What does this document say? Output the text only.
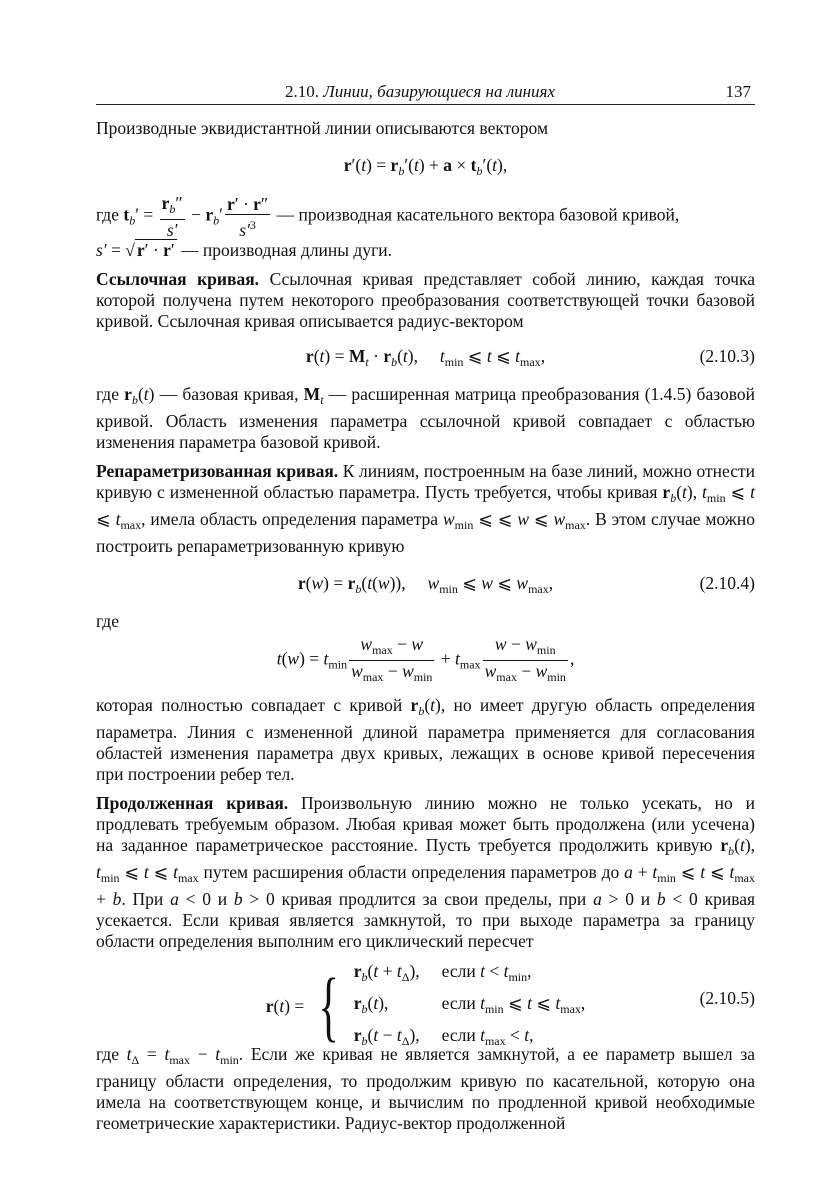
2.10. Линии, базирующиеся на линиях	137

Производные эквидистантной линии описываются вектором

$r'(t) = r_b'(t) + a \times t_b'(t)$,

где $t_b' = \frac{r_b''}{s'} - r_b' \frac{r' \cdot r''}{s'^3}$ — производная касательного вектора базовой кривой,

s′ = √ r′ · r′ — производная длины дуги.

Ссылочная кривая. Ссылочная кривая представляет собой линию, каждая точка которой получена путем некоторого преобразования соответствующей точки базовой кривой. Ссылочная кривая описывается радиус-вектором

$r(t) = M_t \cdot r_b(t)$,     $t_{min}$ ⩽ t ⩽ $t_{max}$,	(2.10.3)

где $r_b(t)$ — базовая кривая, $M_t$ — расширенная матрица преобразования (1.4.5) базовой кривой. Область изменения параметра ссылочной кривой совпадает с областью изменения параметра базовой кривой.

Репараметризованная кривая. К линиям, построенным на базе линий, можно отнести кривую с измененной областью параметра. Пусть требуется, чтобы кривая $r_b(t)$, $t_{min}$ ⩽ t ⩽ $t_{max}$, имела область определения параметра $w_{min}$ ⩽ ⩽ w ⩽ $w_{max}$. В этом случае можно построить репараметризованную кривую

$r(w) = r_b(t(w))$,     $w_{min}$ ⩽ w ⩽ $w_{max}$,	(2.10.4)

где

$t(w) = t_{min} \frac{w_{max} - w}{w_{max} - w_{min}} + t_{max} \frac{w - w_{min}}{w_{max} - w_{min}}$ ,

которая полностью совпадает с кривой $r_b(t)$, но имеет другую область определения параметра. Линия с измененной длиной параметра применяется для согласования областей изменения параметра двух кривых, лежащих в основе кривой пересечения при построении ребер тел.

Продолженная кривая. Произвольную линию можно не только усекать, но и продлевать требуемым образом. Любая кривая может быть продолжена (или усечена) на заданное параметрическое расстояние. Пусть требуется продолжить кривую $r_b(t)$, $t_{min}$ ⩽ t ⩽ $t_{max}$ путем расширения области определения параметров до $a + t_{min}$ ⩽ t ⩽ $t_{max} + b$. При a < 0 и b > 0 кривая продлится за свои пределы, при a > 0 и b < 0 кривая усекается. Если кривая является замкнутой, то при выходе параметра за границу области определения выполним его циклический пересчет

r(t) = { $r_b(t + t_\Delta)$, если $t < t_{min}$,
$r_b(t)$,	если $t_{min}$ ⩽ t ⩽ $t_{max}$,
$r_b(t - t_\Delta)$, если $t_{max} < t$,
(2.10.5)

где $t_\Delta = t_{max} - t_{min}$. Если же кривая не является замкнутой, а ее параметр вышел за границу области определения, то продолжим кривую по касательной, которую она имела на соответствующем конце, и вычислим по продленной кривой необходимые геометрические характеристики. Радиус-вектор продолженной
